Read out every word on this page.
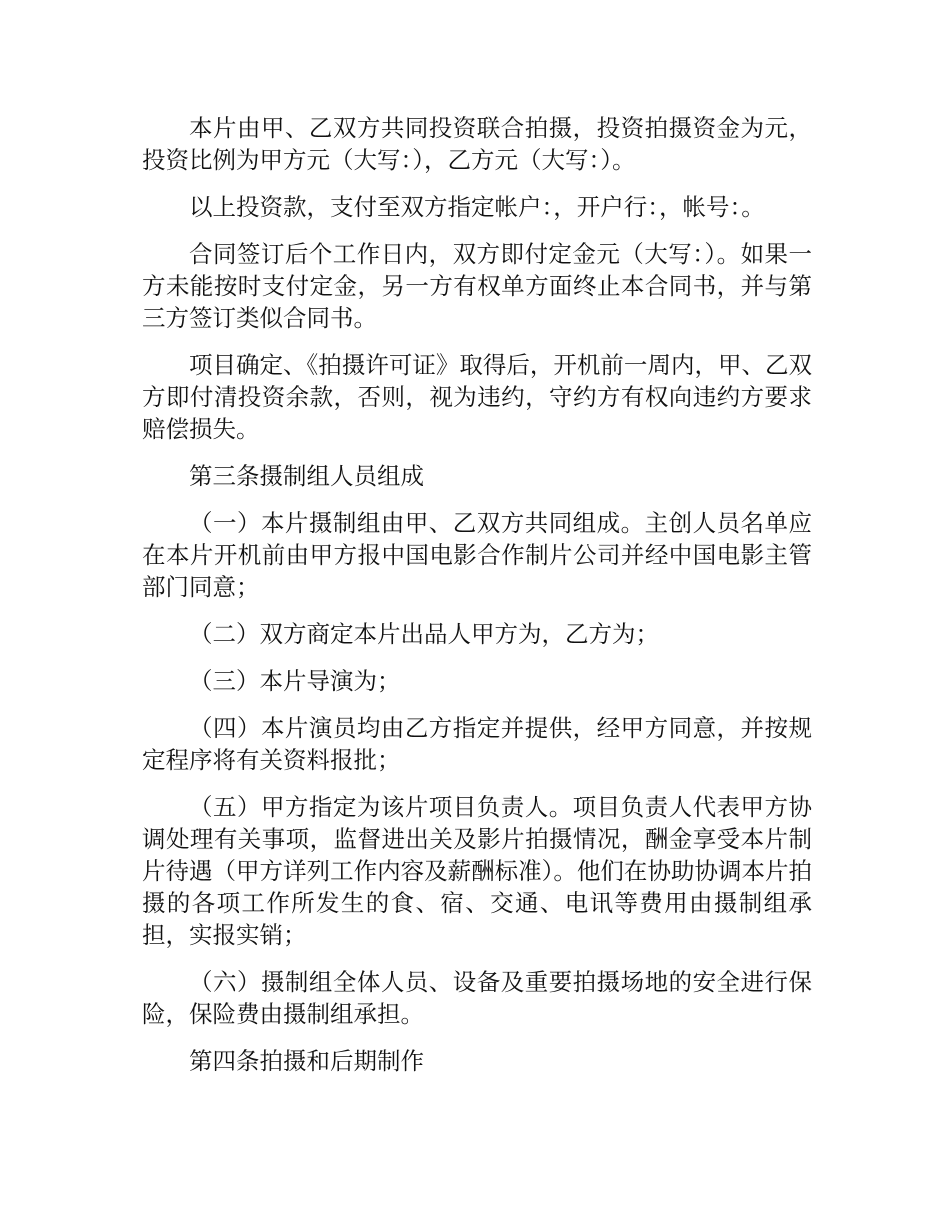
本片由甲、乙双方共同投资联合拍摄，投资拍摄资金为元，投资比例为甲方元（大写：），乙方元（大写：）。

以上投资款，支付至双方指定帐户：，开户行：，帐号：。

合同签订后个工作日内，双方即付定金元（大写：）。如果一方未能按时支付定金，另一方有权单方面终止本合同书，并与第三方签订类似合同书。

项目确定、《拍摄许可证》取得后，开机前一周内，甲、乙双方即付清投资余款，否则，视为违约，守约方有权向违约方要求赔偿损失。

第三条摄制组人员组成

（一）本片摄制组由甲、乙双方共同组成。主创人员名单应在本片开机前由甲方报中国电影合作制片公司并经中国电影主管部门同意；

（二）双方商定本片出品人甲方为，乙方为；

（三）本片导演为；

（四）本片演员均由乙方指定并提供，经甲方同意，并按规定程序将有关资料报批；

（五）甲方指定为该片项目负责人。项目负责人代表甲方协调处理有关事项，监督进出关及影片拍摄情况，酬金享受本片制片待遇（甲方详列工作内容及薪酬标准）。他们在协助协调本片拍摄的各项工作所发生的食、宿、交通、电讯等费用由摄制组承担，实报实销；

（六）摄制组全体人员、设备及重要拍摄场地的安全进行保险，保险费由摄制组承担。

第四条拍摄和后期制作
